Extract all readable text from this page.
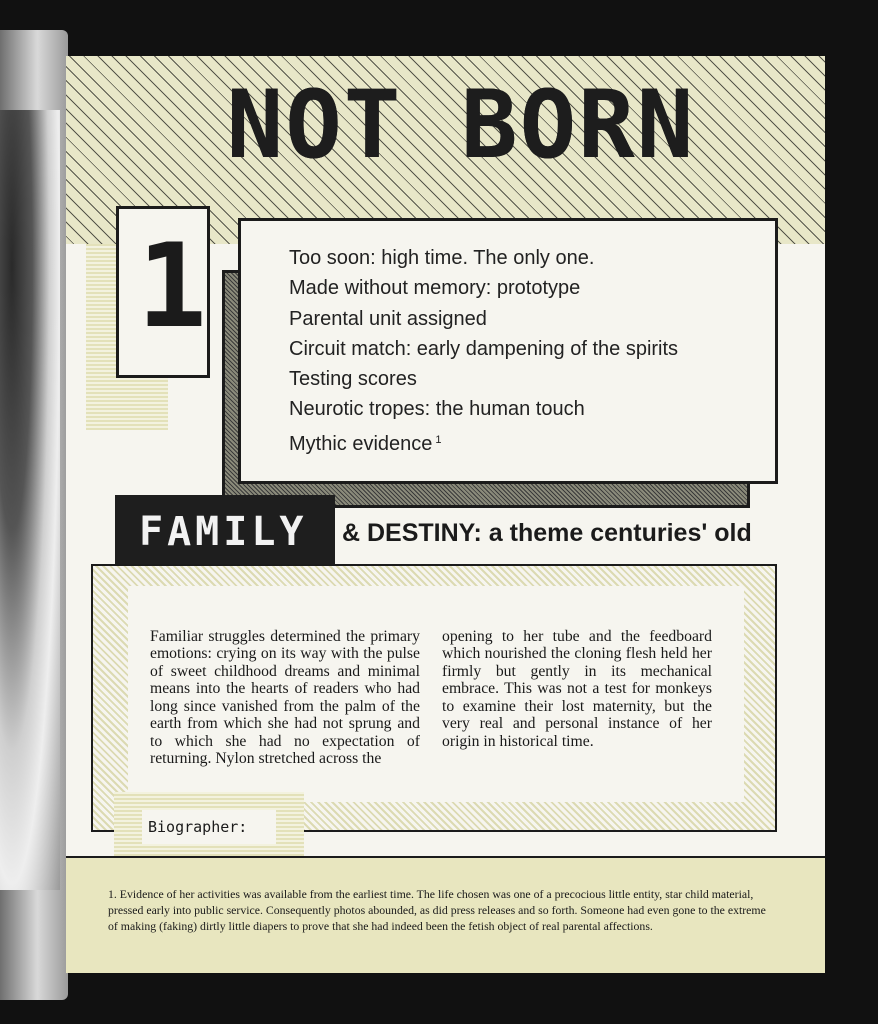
NOT BORN
1	Too soon: high time. The only one.
Made without memory: prototype
Parental unit assigned
Circuit match: early dampening of the spirits
Testing scores
Neurotic tropes: the human touch
Mythic evidence $^1$
FAMILY & DESTINY: a theme centuries' old

Familiar struggles determined the primary emotions: crying on its way with the pulse of sweet childhood dreams and minimal means into the hearts of readers who had long since vanished from the palm of the earth from which she had not sprung and to which she had no expectation of returning. Nylon stretched across the

opening to her tube and the feedboard which nourished the cloning flesh held her firmly but gently in its mechanical embrace. This was not a test for monkeys to examine their lost maternity, but the very real and personal instance of her origin in historical time.

Biographer:

1. Evidence of her activities was available from the earliest time. The life chosen was one of a precocious little entity, star child material, pressed early into public service. Consequently photos abounded, as did press releases and so forth. Someone had even gone to the extreme of making (faking) dirtly little diapers to prove that she had indeed been the fetish object of real parental affections.
